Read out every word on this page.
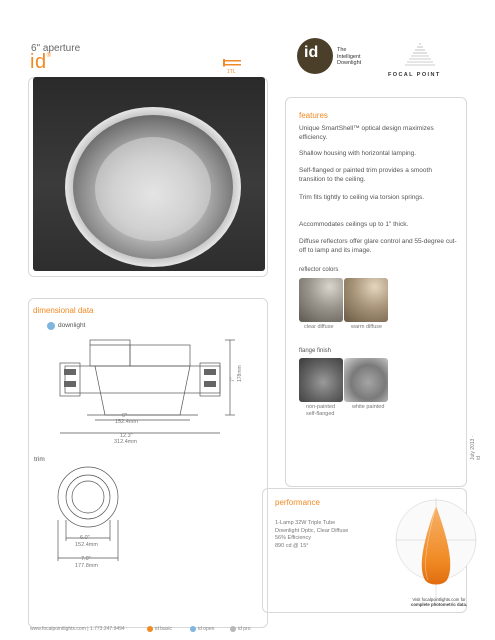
6" aperture
id®
1TL
id	The
Intelligent
Downlight
FOCAL POINT
features
Unique SmartShell™ optical design maximizes efficiency.
Shallow housing with horizontal lamping.
Self-flanged or painted trim provides a smooth transition to the ceiling.
Trim fits tightly to ceiling via torsion springs.
Accommodates ceilings up to 1" thick.
Diffuse reflectors offer glare control and 55-degree cut-off to lamp and its image.
reflector colors
clear diffuse	warm diffuse
flange finish
non-painted
self-flanged
white painted
July 2013 · id
dimensional data
downlight
7" 178mm
6"
152.4mm
12.3"
312.4mm
trim
6.0"
152.4mm
7.0"
177.8mm
performance
1-Lamp 32W Triple Tube
Downlight Optic, Clear Diffuse
56% Efficiency
890 cd @ 15°
Visit focalpointlights.com for
complete photometric data.
www.focalpointlights.com | 1.773.247.9494	id basic	id open	id pro
